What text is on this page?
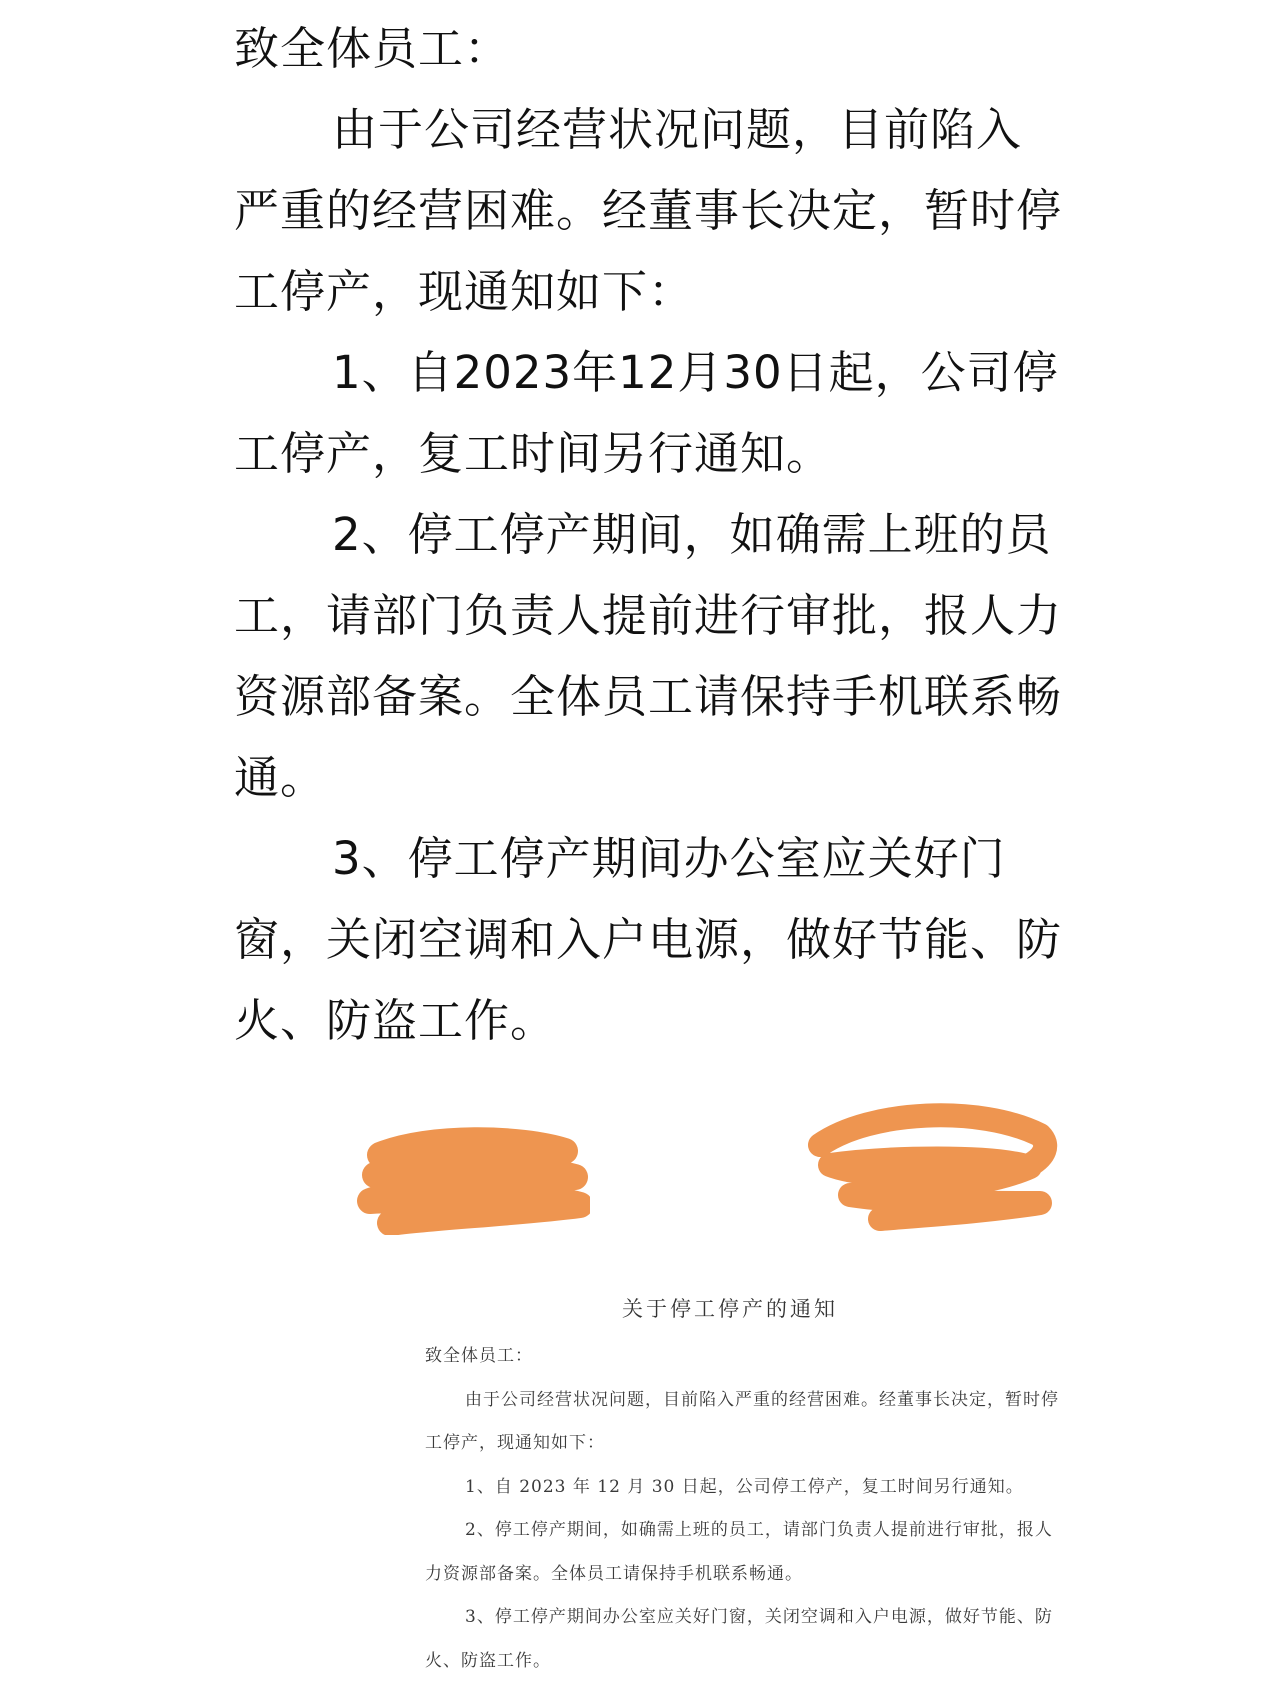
致全体员工：

由于公司经营状况问题，目前陷入严重的经营困难。经董事长决定，暂时停工停产，现通知如下：

1、自2023年12月30日起，公司停工停产，复工时间另行通知。

2、停工停产期间，如确需上班的员工，请部门负责人提前进行审批，报人力资源部备案。全体员工请保持手机联系畅通。

3、停工停产期间办公室应关好门窗，关闭空调和入户电源，做好节能、防火、防盗工作。

关于停工停产的通知

致全体员工：

由于公司经营状况问题，目前陷入严重的经营困难。经董事长决定，暂时停工停产，现通知如下：

1、自 2023 年 12 月 30 日起，公司停工停产，复工时间另行通知。

2、停工停产期间，如确需上班的员工，请部门负责人提前进行审批，报人力资源部备案。全体员工请保持手机联系畅通。

3、停工停产期间办公室应关好门窗，关闭空调和入户电源，做好节能、防火、防盗工作。
